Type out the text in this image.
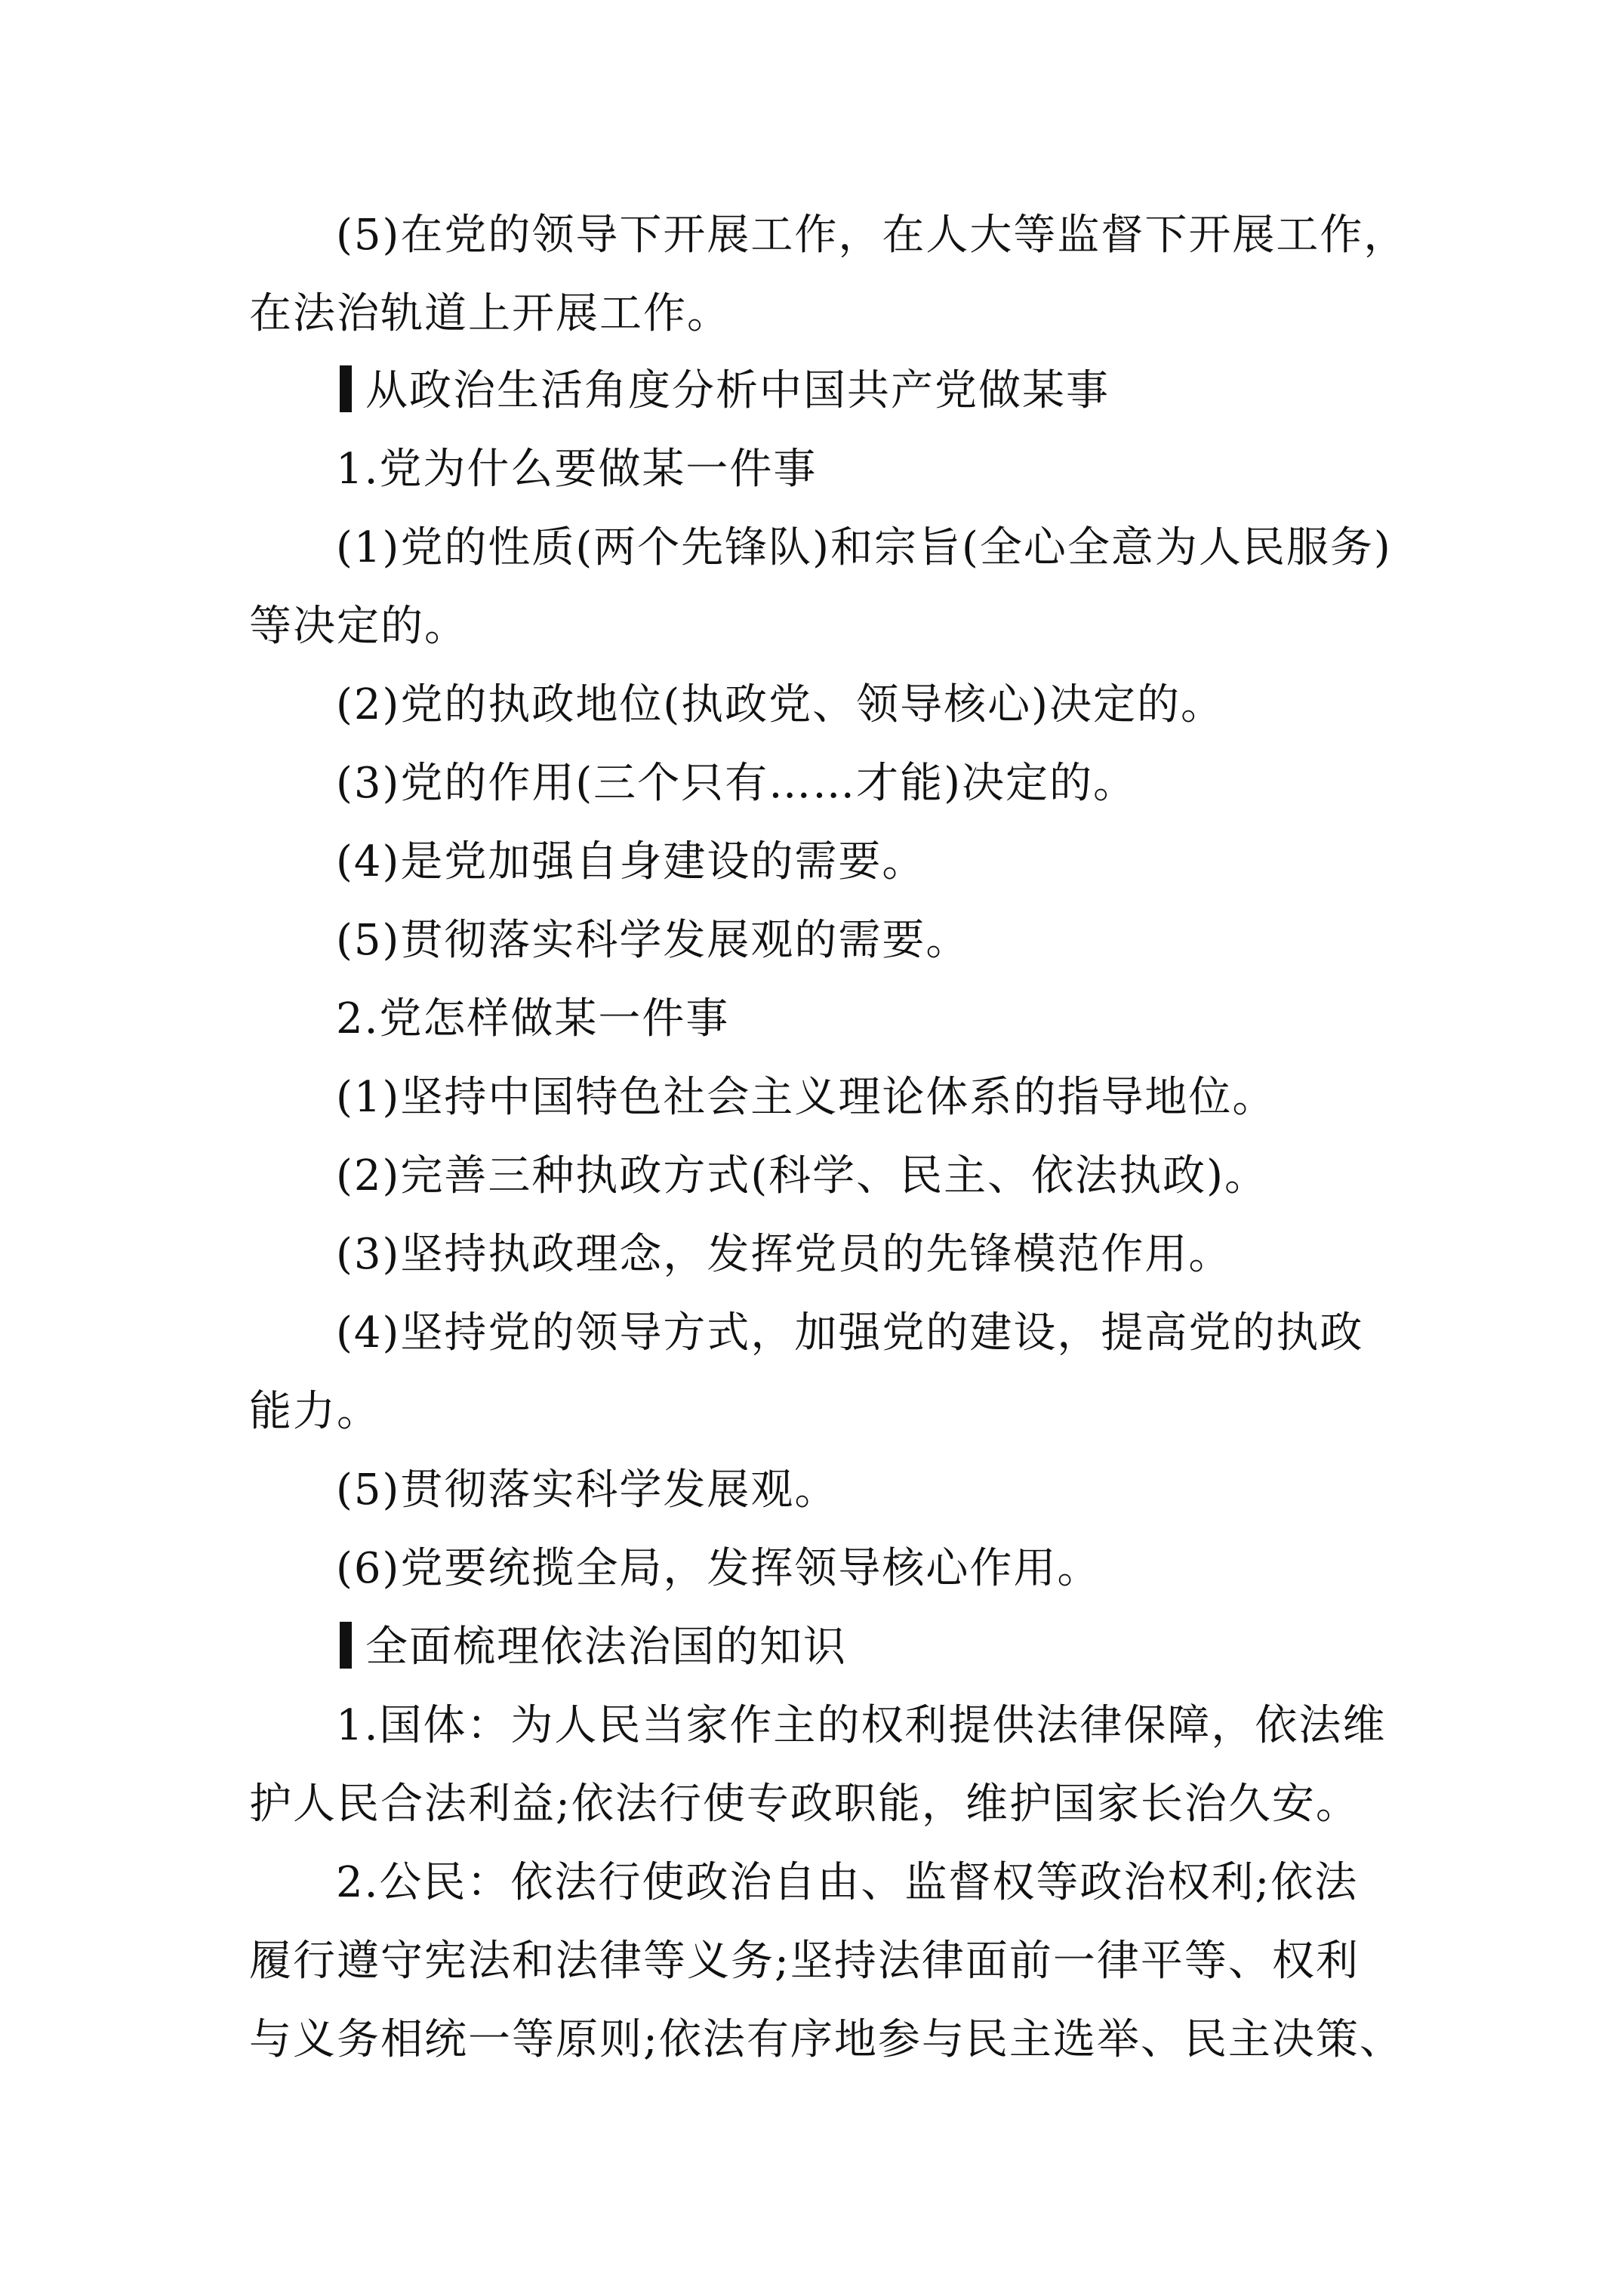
(5)在党的领导下开展工作，在人大等监督下开展工作，
在法治轨道上开展工作。
从政治生活角度分析中国共产党做某事
1.党为什么要做某一件事
(1)党的性质(两个先锋队)和宗旨(全心全意为人民服务)
等决定的。
(2)党的执政地位(执政党、领导核心)决定的。
(3)党的作用(三个只有……才能)决定的。
(4)是党加强自身建设的需要。
(5)贯彻落实科学发展观的需要。
2.党怎样做某一件事
(1)坚持中国特色社会主义理论体系的指导地位。
(2)完善三种执政方式(科学、民主、依法执政)。
(3)坚持执政理念，发挥党员的先锋模范作用。
(4)坚持党的领导方式，加强党的建设，提高党的执政
能力。
(5)贯彻落实科学发展观。
(6)党要统揽全局，发挥领导核心作用。
全面梳理依法治国的知识
1.国体：为人民当家作主的权利提供法律保障，依法维
护人民合法利益;依法行使专政职能，维护国家长治久安。
2.公民：依法行使政治自由、监督权等政治权利;依法
履行遵守宪法和法律等义务;坚持法律面前一律平等、权利
与义务相统一等原则;依法有序地参与民主选举、民主决策、
